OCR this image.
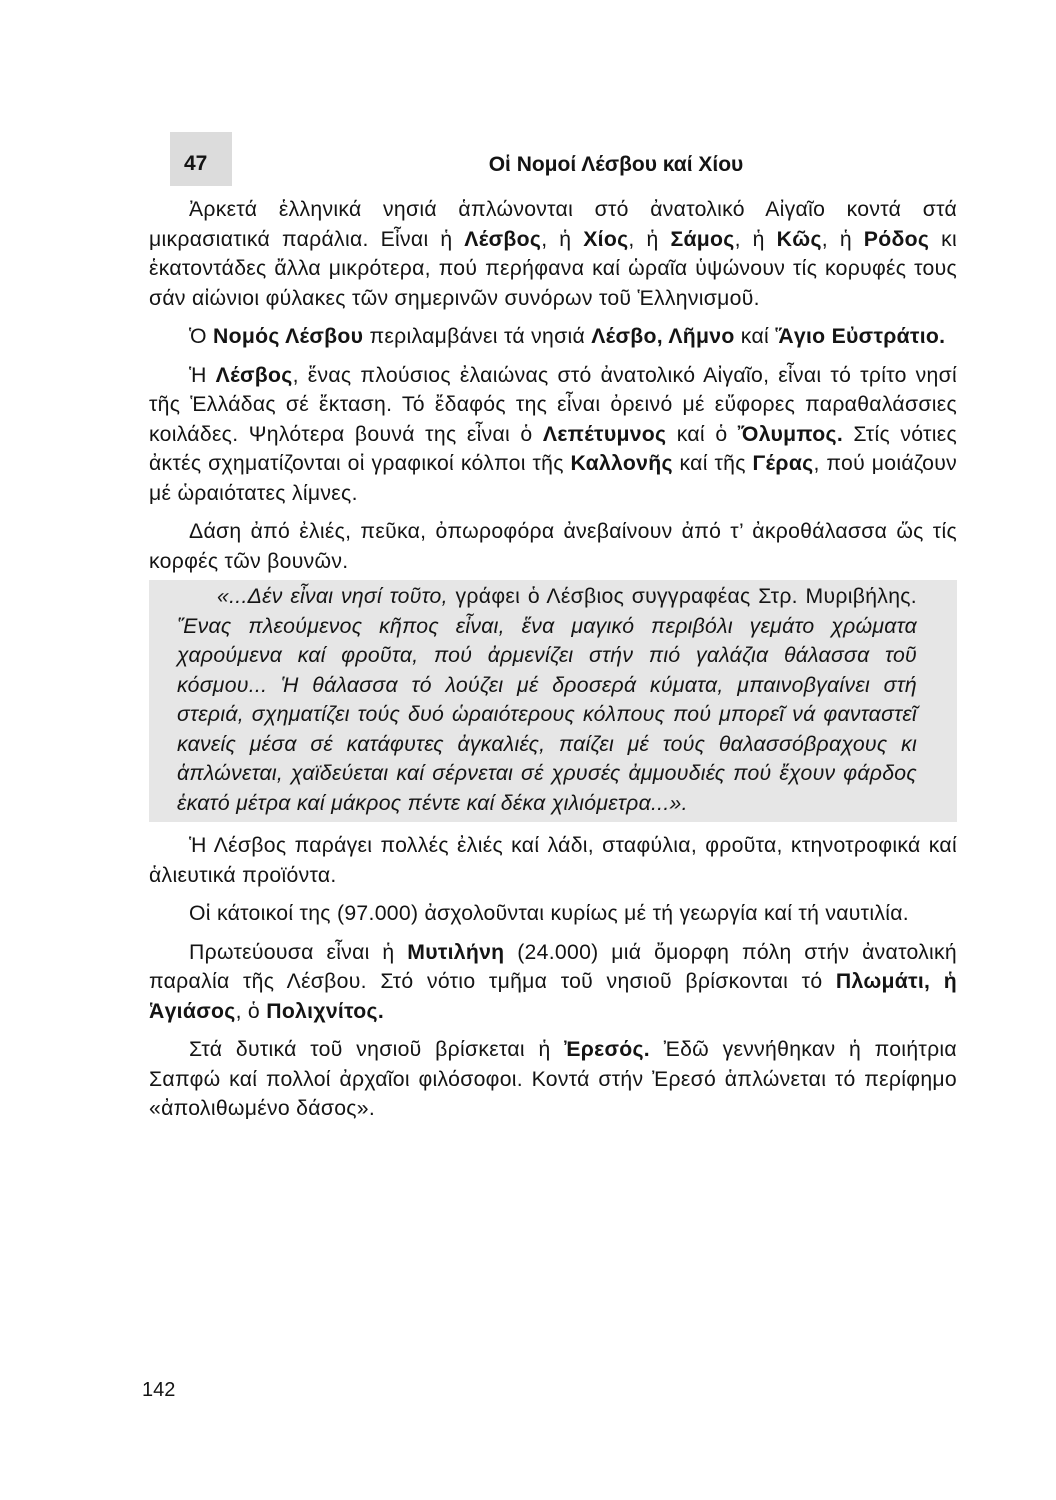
47	Οἱ Νομοί Λέσβου καί Χίου

Ἀρκετά ἑλληνικά νησιά ἁπλώνονται στό ἀνατολικό Αἰγαῖο κοντά στά μικρασιατικά παράλια. Εἶναι ἡ Λέσβος, ἡ Χίος, ἡ Σάμος, ἡ Κῶς, ἡ Ρόδος κι ἑκατοντάδες ἄλλα μικρότερα, πού περήφανα καί ὡραῖα ὑψώνουν τίς κορυφές τους σάν αἰώνιοι φύλακες τῶν σημερινῶν συνόρων τοῦ Ἑλληνισμοῦ.

Ὁ Νομός Λέσβου περιλαμβάνει τά νησιά Λέσβο, Λῆμνο καί Ἅγιο Εὐστράτιο.

Ἡ Λέσβος, ἕνας πλούσιος ἐλαιώνας στό ἀνατολικό Αἰγαῖο, εἶναι τό τρίτο νησί τῆς Ἑλλάδας σέ ἔκταση. Τό ἔδαφός της εἶναι ὀρεινό μέ εὔφορες παραθαλάσσιες κοιλάδες. Ψηλότερα βουνά της εἶναι ὁ Λεπέτυμνος καί ὁ Ὄλυμπος. Στίς νότιες ἀκτές σχηματίζονται οἱ γραφικοί κόλποι τῆς Καλλονῆς καί τῆς Γέρας, πού μοιάζουν μέ ὡραιότατες λίμνες.

Δάση ἀπό ἐλιές, πεῦκα, ὀπωροφόρα ἀνεβαίνουν ἀπό τ’ ἀκροθάλασσα ὥς τίς κορφές τῶν βουνῶν.

«...Δέν εἶναι νησί τοῦτο, γράφει ὁ Λέσβιος συγγραφέας Στρ. Μυριβήλης. Ἕνας πλεούμενος κῆπος εἶναι, ἕνα μαγικό περιβόλι γεμάτο χρώματα χαρούμενα καί φροῦτα, πού ἀρμενίζει στήν πιό γαλάζια θάλασσα τοῦ κόσμου... Ἡ θάλασσα τό λούζει μέ δροσερά κύματα, μπαινοβγαίνει στή στεριά, σχηματίζει τούς δυό ὡραιότερους κόλπους πού μπορεῖ νά φανταστεῖ κανείς μέσα σέ κατάφυτες ἀγκαλιές, παίζει μέ τούς θαλασσόβραχους κι ἁπλώνεται, χαϊδεύεται καί σέρνεται σέ χρυσές ἀμμουδιές πού ἔχουν φάρδος ἑκατό μέτρα καί μάκρος πέντε καί δέκα χιλιόμετρα...».

Ἡ Λέσβος παράγει πολλές ἐλιές καί λάδι, σταφύλια, φροῦτα, κτηνοτροφικά καί ἁλιευτικά προϊόντα.

Οἱ κάτοικοί της (97.000) ἀσχολοῦνται κυρίως μέ τή γεωργία καί τή ναυτιλία.

Πρωτεύουσα εἶναι ἡ Μυτιλήνη (24.000) μιά ὄμορφη πόλη στήν ἀνατολική παραλία τῆς Λέσβου. Στό νότιο τμῆμα τοῦ νησιοῦ βρίσκονται τό Πλωμάτι, ἡ Ἁγιάσος, ὁ Πολιχνίτος.

Στά δυτικά τοῦ νησιοῦ βρίσκεται ἡ Ἐρεσός. Ἐδῶ γεννήθηκαν ἡ ποιήτρια Σαπφώ καί πολλοί ἀρχαῖοι φιλόσοφοι. Κοντά στήν Ἐρεσό ἁπλώνεται τό περίφημο «ἀπολιθωμένο δάσος».

142
